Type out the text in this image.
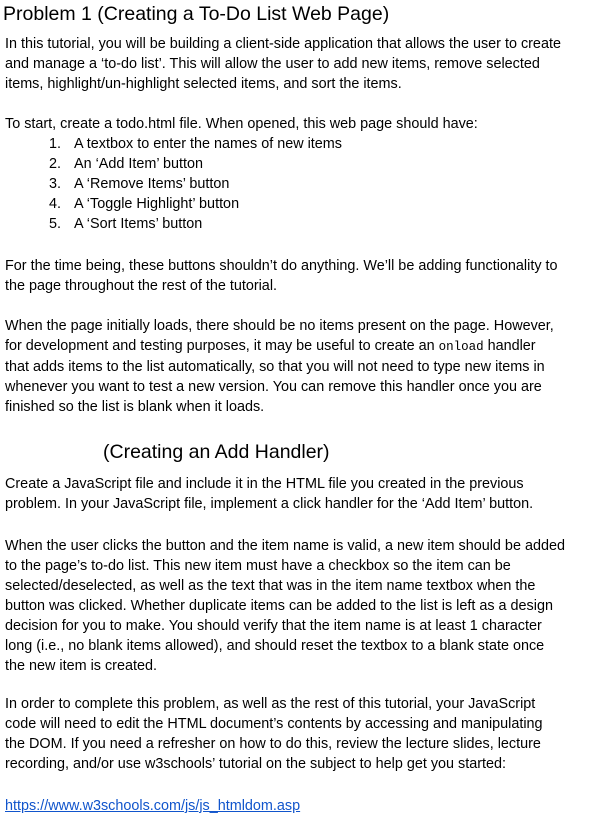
Problem 1 (Creating a To-Do List Web Page)

In this tutorial, you will be building a client-side application that allows the user to create
and manage a ‘to-do list’. This will allow the user to add new items, remove selected
items, highlight/un-highlight selected items, and sort the items.

To start, create a todo.html file. When opened, this web page should have:

1. A textbox to enter the names of new items
2. An ‘Add Item’ button
3. A ‘Remove Items’ button
4. A ‘Toggle Highlight’ button
5. A ‘Sort Items’ button

For the time being, these buttons shouldn’t do anything. We’ll be adding functionality to
the page throughout the rest of the tutorial.

When the page initially loads, there should be no items present on the page. However,
for development and testing purposes, it may be useful to create an onload handler
that adds items to the list automatically, so that you will not need to type new items in
whenever you want to test a new version. You can remove this handler once you are
finished so the list is blank when it loads.

(Creating an Add Handler)

Create a JavaScript file and include it in the HTML file you created in the previous
problem. In your JavaScript file, implement a click handler for the ‘Add Item’ button.

When the user clicks the button and the item name is valid, a new item should be added
to the page’s to-do list. This new item must have a checkbox so the item can be
selected/deselected, as well as the text that was in the item name textbox when the
button was clicked. Whether duplicate items can be added to the list is left as a design
decision for you to make. You should verify that the item name is at least 1 character
long (i.e., no blank items allowed), and should reset the textbox to a blank state once
the new item is created.

In order to complete this problem, as well as the rest of this tutorial, your JavaScript
code will need to edit the HTML document’s contents by accessing and manipulating
the DOM. If you need a refresher on how to do this, review the lecture slides, lecture
recording, and/or use w3schools’ tutorial on the subject to help get you started:

https://www.w3schools.com/js/js_htmldom.asp
